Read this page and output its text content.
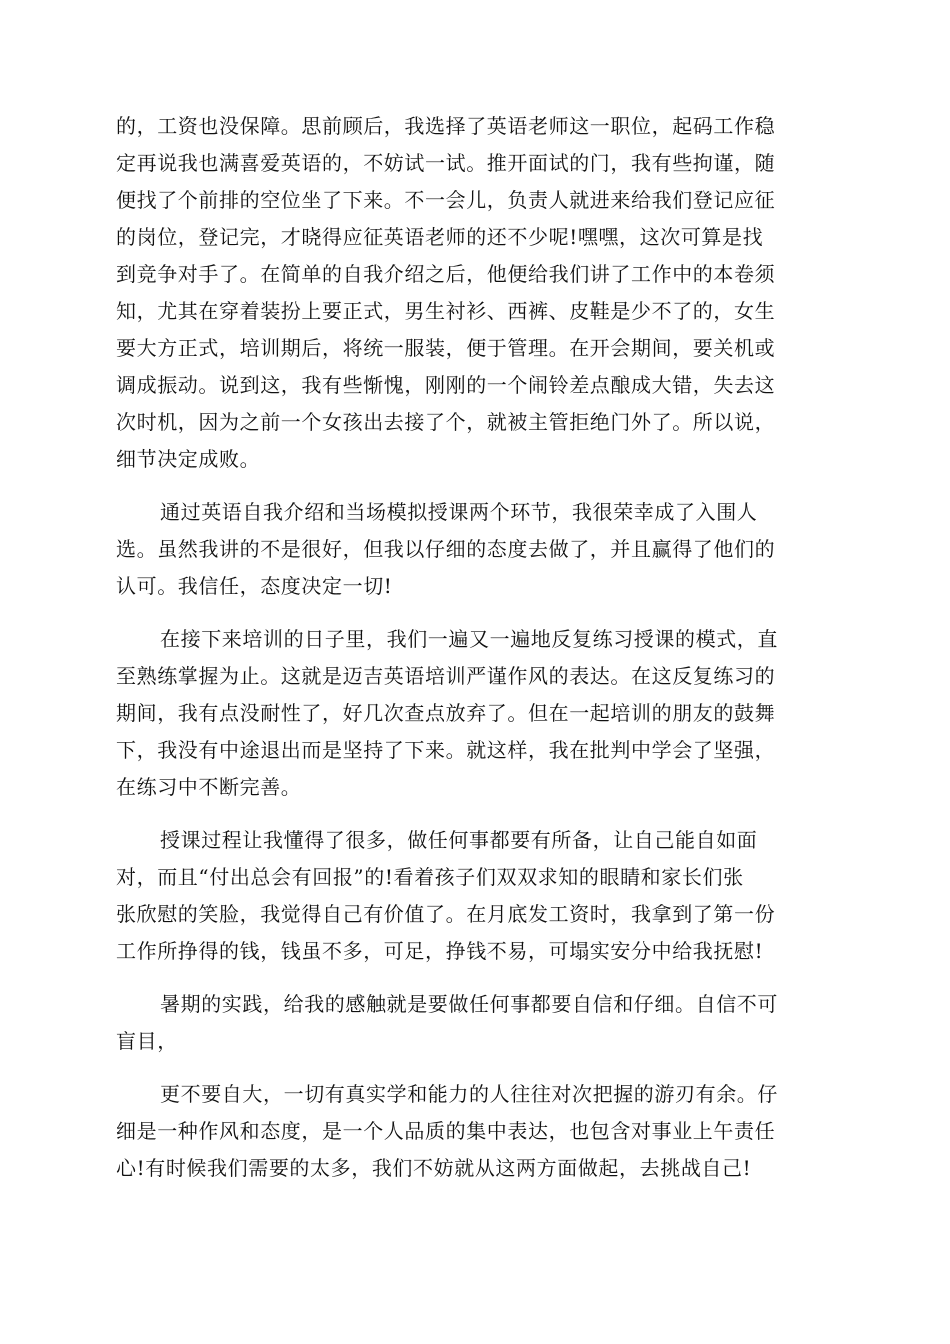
的，工资也没保障。思前顾后，我选择了英语老师这一职位，起码工作稳
定再说我也满喜爱英语的，不妨试一试。推开面试的门，我有些拘谨，随
便找了个前排的空位坐了下来。不一会儿，负责人就进来给我们登记应征
的岗位，登记完，才晓得应征英语老师的还不少呢!嘿嘿，这次可算是找
到竞争对手了。在简单的自我介绍之后，他便给我们讲了工作中的本卷须
知，尤其在穿着装扮上要正式，男生衬衫、西裤、皮鞋是少不了的，女生
要大方正式，培训期后，将统一服装，便于管理。在开会期间，要关机或
调成振动。说到这，我有些惭愧，刚刚的一个闹铃差点酿成大错，失去这
次时机，因为之前一个女孩出去接了个，就被主管拒绝门外了。所以说，
细节决定成败。

通过英语自我介绍和当场模拟授课两个环节，我很荣幸成了入围人
选。虽然我讲的不是很好，但我以仔细的态度去做了，并且赢得了他们的
认可。我信任，态度决定一切!

在接下来培训的日子里，我们一遍又一遍地反复练习授课的模式，直
至熟练掌握为止。这就是迈吉英语培训严谨作风的表达。在这反复练习的
期间，我有点没耐性了，好几次查点放弃了。但在一起培训的朋友的鼓舞
下，我没有中途退出而是坚持了下来。就这样，我在批判中学会了坚强，
在练习中不断完善。

授课过程让我懂得了很多，做任何事都要有所备，让自己能自如面
对，而且“付出总会有回报”的!看着孩子们双双求知的眼睛和家长们张
张欣慰的笑脸，我觉得自己有价值了。在月底发工资时，我拿到了第一份
工作所挣得的钱，钱虽不多，可足，挣钱不易，可塌实安分中给我抚慰!

暑期的实践，给我的感触就是要做任何事都要自信和仔细。自信不可
盲目，

更不要自大，一切有真实学和能力的人往往对次把握的游刃有余。仔
细是一种作风和态度，是一个人品质的集中表达，也包含对事业上午责任
心!有时候我们需要的太多，我们不妨就从这两方面做起，去挑战自己!
